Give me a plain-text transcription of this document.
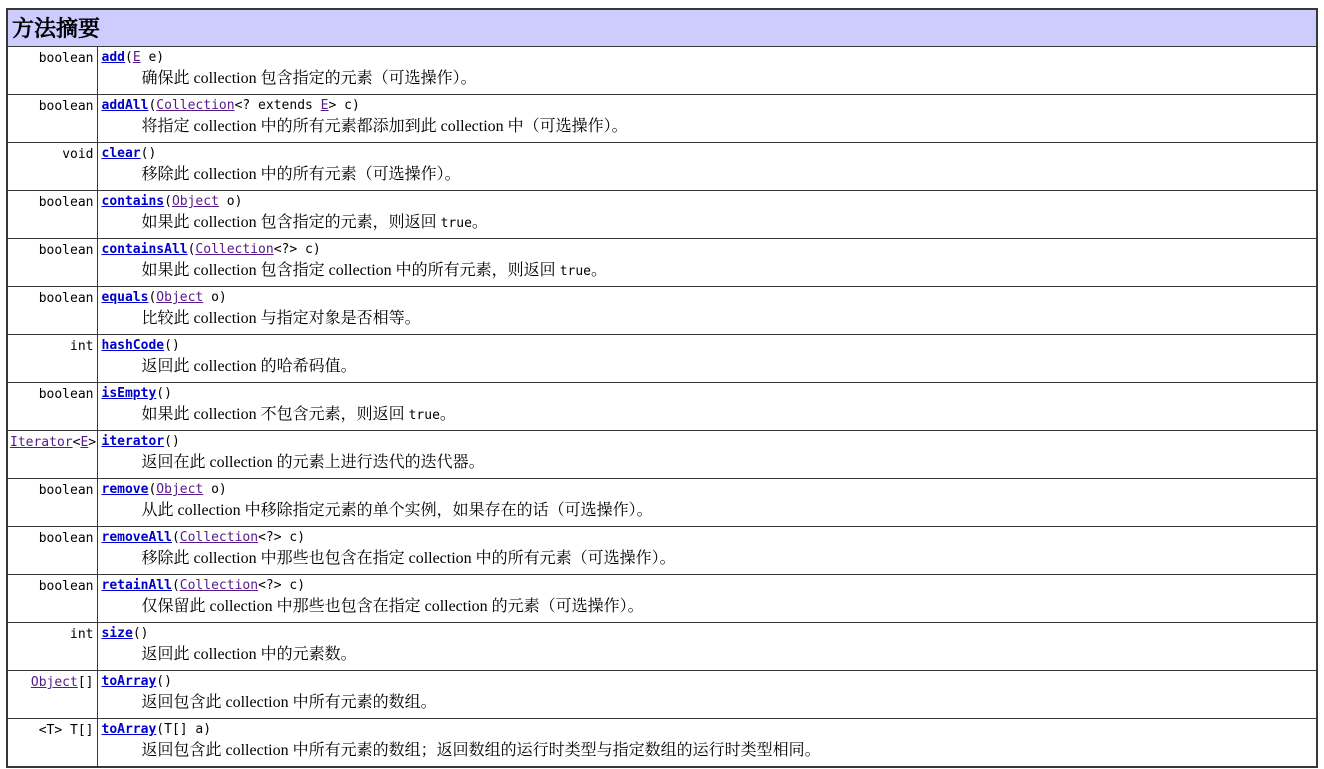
方法摘要	
boolean	add(E e)
确保此 collection 包含指定的元素（可选操作）。

boolean	addAll(Collection<? extends E> c)
将指定 collection 中的所有元素都添加到此 collection 中（可选操作）。

void	clear()
移除此 collection 中的所有元素（可选操作）。

boolean	contains(Object o)
如果此 collection 包含指定的元素，则返回 true。

boolean	containsAll(Collection<?> c)
如果此 collection 包含指定 collection 中的所有元素，则返回 true。

boolean	equals(Object o)
比较此 collection 与指定对象是否相等。

int	hashCode()
返回此 collection 的哈希码值。

boolean	isEmpty()
如果此 collection 不包含元素，则返回 true。

Iterator<E>	iterator()
返回在此 collection 的元素上进行迭代的迭代器。

boolean	remove(Object o)
从此 collection 中移除指定元素的单个实例，如果存在的话（可选操作）。

boolean	removeAll(Collection<?> c)
移除此 collection 中那些也包含在指定 collection 中的所有元素（可选操作）。

boolean	retainAll(Collection<?> c)
仅保留此 collection 中那些也包含在指定 collection 的元素（可选操作）。

int	size()
返回此 collection 中的元素数。

Object[]	toArray()
返回包含此 collection 中所有元素的数组。

<T> T[]	toArray(T[] a)
返回包含此 collection 中所有元素的数组；返回数组的运行时类型与指定数组的运行时类型相同。
